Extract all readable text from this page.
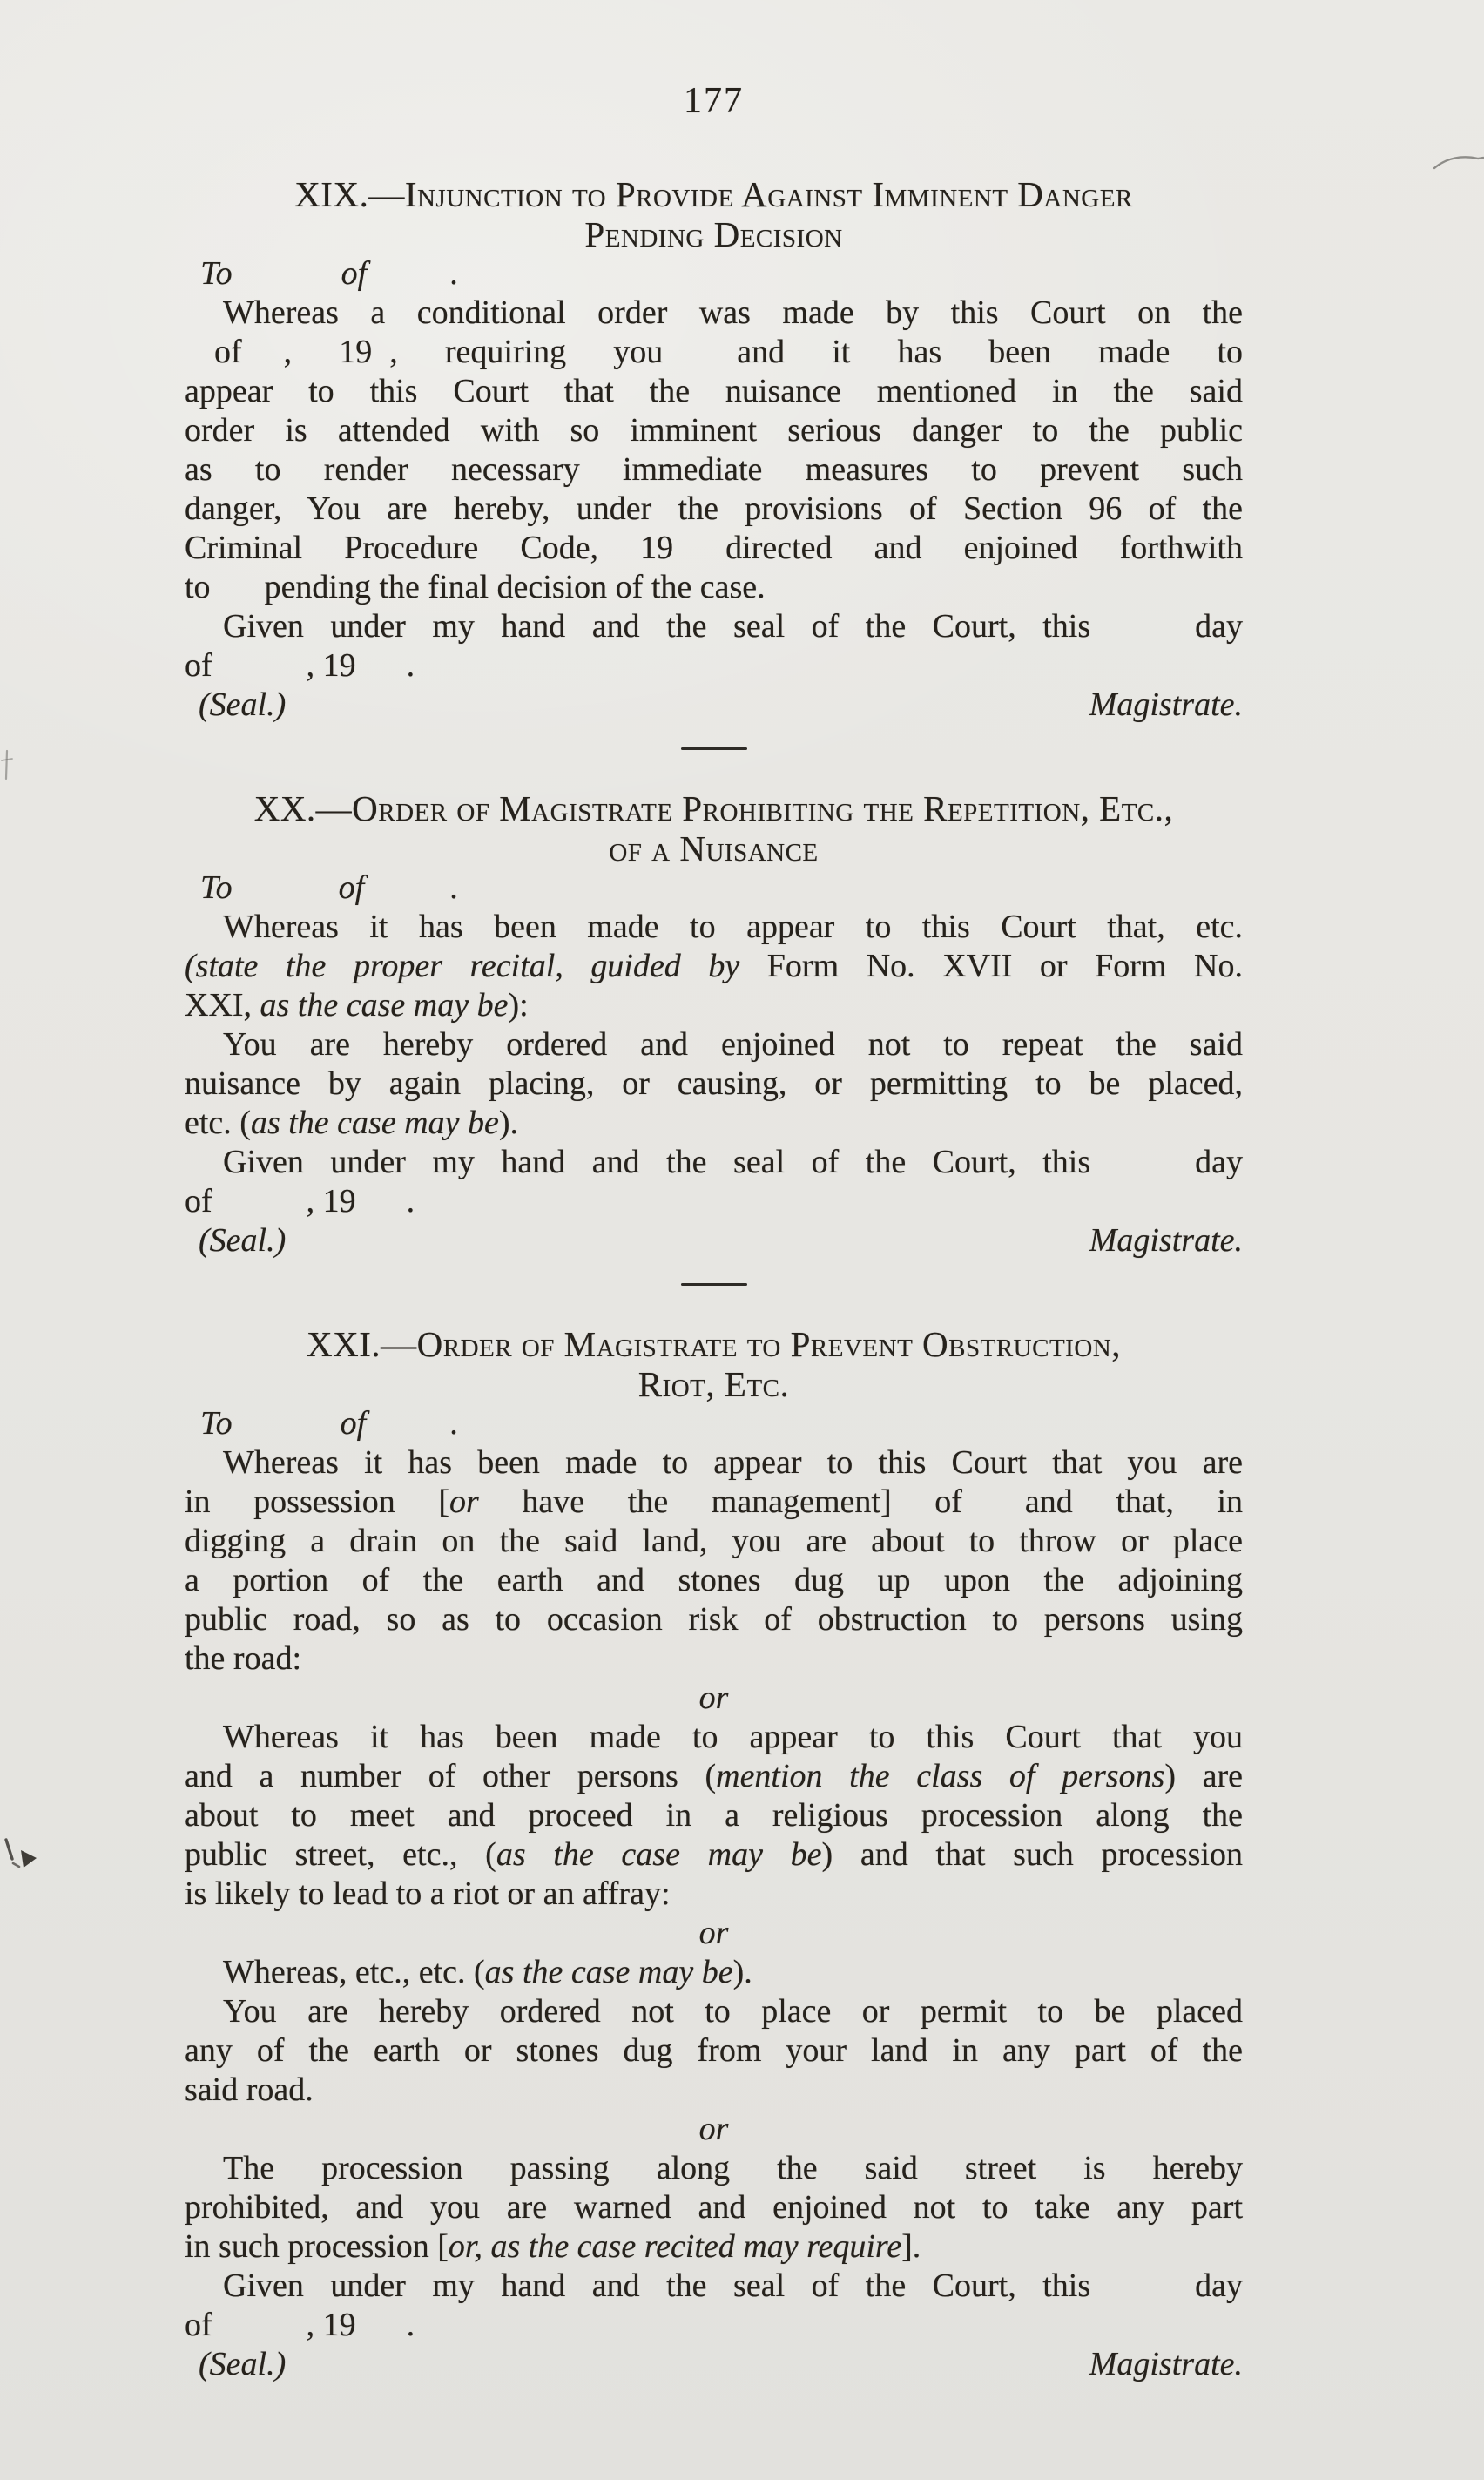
177
XIX.—Injunction to Provide Against Imminent Danger
Pending Decision
To	of	.
Whereas a conditional order was made by this Court on the
of , 19 , requiring you and it has been made to
appear to this Court that the nuisance mentioned in the said
order is attended with so imminent serious danger to the public
as to render necessary immediate measures to prevent such
danger, You are hereby, under the provisions of Section 96 of the
Criminal Procedure Code, 19 directed and enjoined forthwith
to pending the final decision of the case.
Given under my hand and the seal of the Court, this	day
of	, 19 .
(Seal.)	Magistrate.
XX.—Order of Magistrate Prohibiting the Repetition, Etc.,
of a Nuisance
To	of	.
Whereas it has been made to appear to this Court that, etc.
(state the proper recital, guided by Form No. XVII or Form No.
XXI, as the case may be):
You are hereby ordered and enjoined not to repeat the said
nuisance by again placing, or causing, or permitting to be placed,
etc. (as the case may be).
Given under my hand and the seal of the Court, this	day
of	, 19 .
(Seal.)	Magistrate.
XXI.—Order of Magistrate to Prevent Obstruction,
Riot, Etc.
To	of	.
Whereas it has been made to appear to this Court that you are
in possession [or have the management] of and that, in
digging a drain on the said land, you are about to throw or place
a portion of the earth and stones dug up upon the adjoining
public road, so as to occasion risk of obstruction to persons using
the road:
or
Whereas it has been made to appear to this Court that you
and a number of other persons (mention the class of persons) are
about to meet and proceed in a religious procession along the
public street, etc., (as the case may be) and that such procession
is likely to lead to a riot or an affray:
or
Whereas, etc., etc. (as the case may be).
You are hereby ordered not to place or permit to be placed
any of the earth or stones dug from your land in any part of the
said road.
or
The procession passing along the said street is hereby
prohibited, and you are warned and enjoined not to take any part
in such procession [or, as the case recited may require].
Given under my hand and the seal of the Court, this	day
of	, 19 .
(Seal.)	Magistrate.
